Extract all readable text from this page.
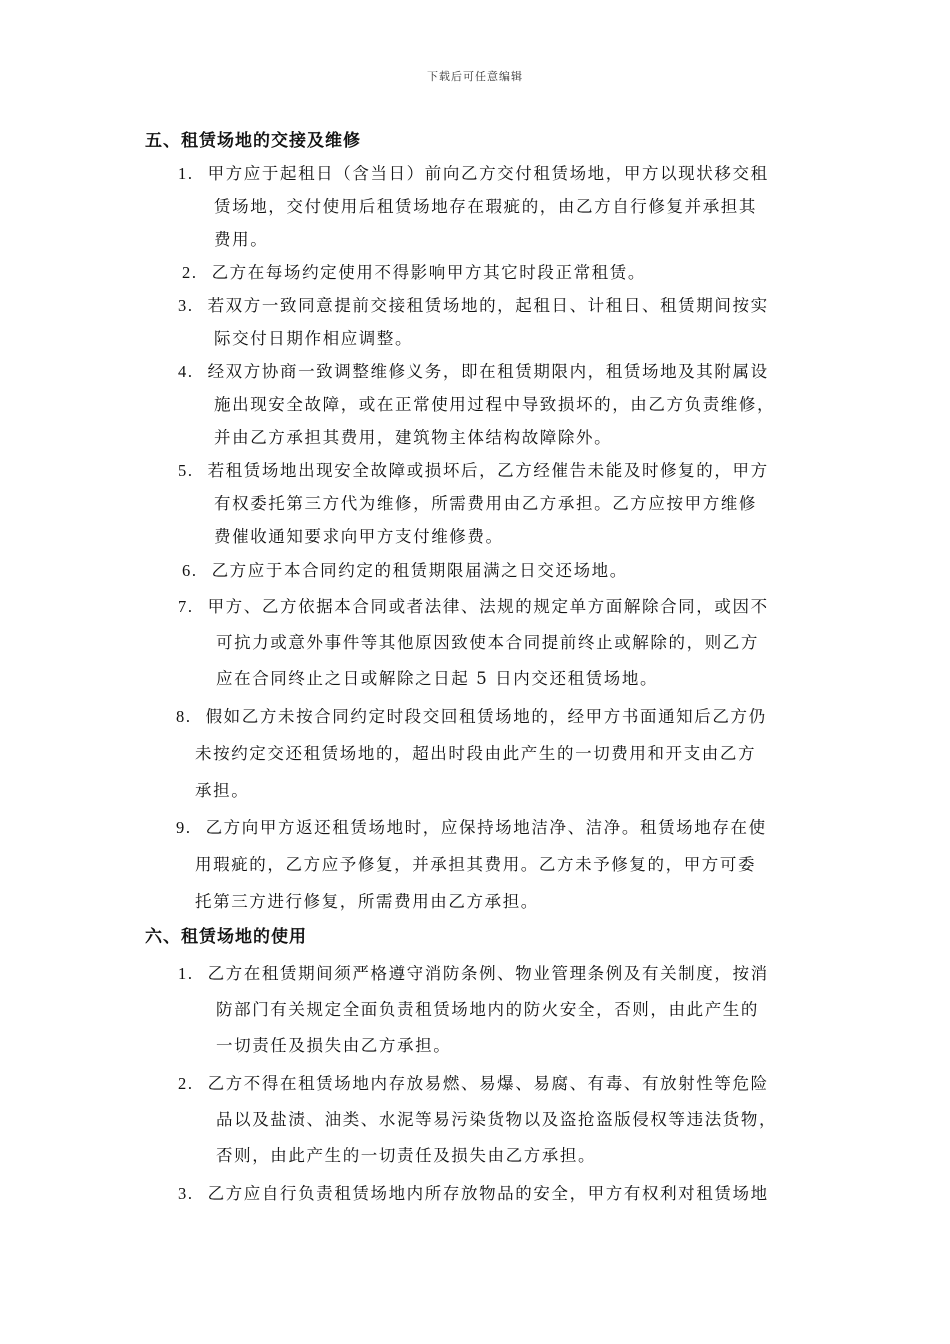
下载后可任意编辑
五、租赁场地的交接及维修
1. 甲方应于起租日（含当日）前向乙方交付租赁场地，甲方以现状移交租
赁场地，交付使用后租赁场地存在瑕疵的，由乙方自行修复并承担其
费用。
2. 乙方在每场约定使用不得影响甲方其它时段正常租赁。
3. 若双方一致同意提前交接租赁场地的，起租日、计租日、租赁期间按实
际交付日期作相应调整。
4. 经双方协商一致调整维修义务，即在租赁期限内，租赁场地及其附属设
施出现安全故障，或在正常使用过程中导致损坏的，由乙方负责维修，
并由乙方承担其费用，建筑物主体结构故障除外。
5. 若租赁场地出现安全故障或损坏后，乙方经催告未能及时修复的，甲方
有权委托第三方代为维修，所需费用由乙方承担。乙方应按甲方维修
费催收通知要求向甲方支付维修费。
6. 乙方应于本合同约定的租赁期限届满之日交还场地。
7. 甲方、乙方依据本合同或者法律、法规的规定单方面解除合同，或因不
可抗力或意外事件等其他原因致使本合同提前终止或解除的，则乙方
应在合同终止之日或解除之日起 5 日内交还租赁场地。
8. 假如乙方未按合同约定时段交回租赁场地的，经甲方书面通知后乙方仍
未按约定交还租赁场地的，超出时段由此产生的一切费用和开支由乙方
承担。
9. 乙方向甲方返还租赁场地时，应保持场地洁净、洁净。租赁场地存在使
用瑕疵的，乙方应予修复，并承担其费用。乙方未予修复的，甲方可委
托第三方进行修复，所需费用由乙方承担。
六、租赁场地的使用
1. 乙方在租赁期间须严格遵守消防条例、物业管理条例及有关制度，按消
防部门有关规定全面负责租赁场地内的防火安全，否则，由此产生的
一切责任及损失由乙方承担。
2. 乙方不得在租赁场地内存放易燃、易爆、易腐、有毒、有放射性等危险
品以及盐渍、油类、水泥等易污染货物以及盗抢盗版侵权等违法货物，
否则，由此产生的一切责任及损失由乙方承担。
3. 乙方应自行负责租赁场地内所存放物品的安全，甲方有权利对租赁场地
